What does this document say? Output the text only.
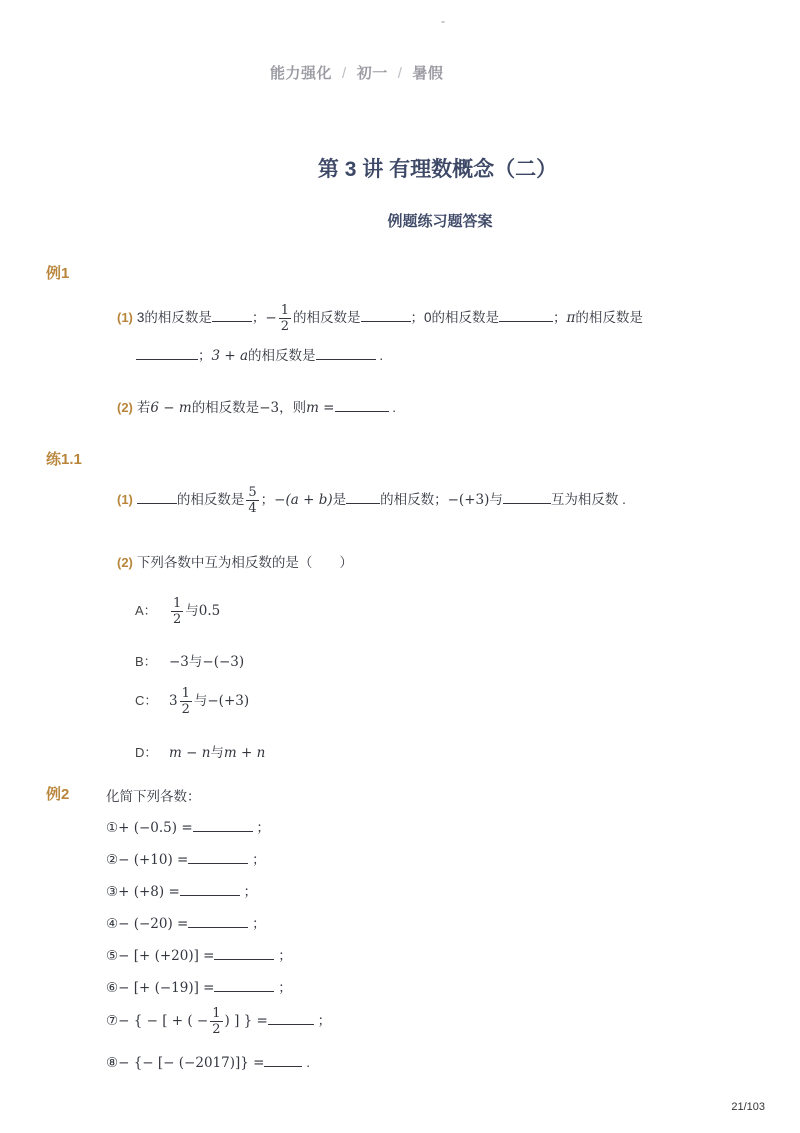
-
能力强化 / 初一 / 暑假
第 3 讲 有理数概念（二）
例题练习题答案
例1
(1) 3的相反数是	；− $\frac{1}{2}$ 的相反数是	；0的相反数是	；π的相反数是
；3 + a的相反数是	.
(2) 若6 − m的相反数是−3，则m =	.
练1.1
(1)	的相反数是 $\frac{5}{4}$ ；−(a + b)是	的相反数；−(+3)与	互为相反数 .
(2) 下列各数中互为相反数的是（　　）
A： $\frac{1}{2}$ 与0.5
B： −3与−(−3)
C： $3 \frac{1}{2}$ 与−(+3)
D： m − n与m + n
例2	化简下列各数：
①+ (−0.5) =	；
②− (+10) =	；
③+ (+8) =	；
④− (−20) =	；
⑤− [+ (+20)] =	；
⑥− [+ (−19)] =	；
⑦− { − [ + ( − $\frac{1}{2}$ ) ] } =	；
⑧− {− [− (−2017)]} =	.
21/103
